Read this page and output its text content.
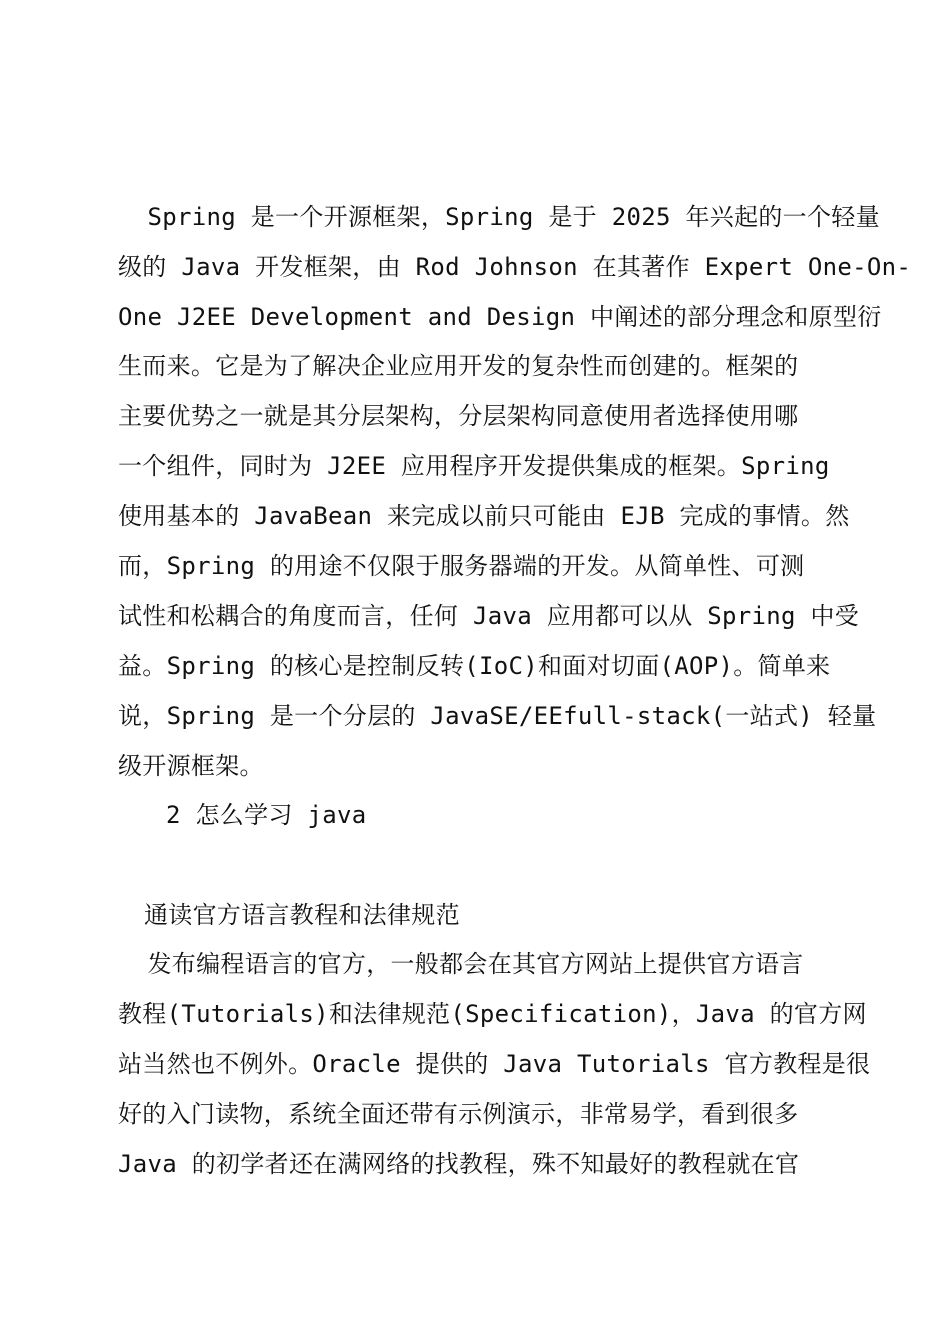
Spring 是一个开源框架，Spring 是于 2025 年兴起的一个轻量
级的 Java 开发框架，由 Rod Johnson 在其著作 Expert One-On-
One J2EE Development and Design 中阐述的部分理念和原型衍
生而来。它是为了解决企业应用开发的复杂性而创建的。框架的
主要优势之一就是其分层架构，分层架构同意使用者选择使用哪
一个组件，同时为 J2EE 应用程序开发提供集成的框架。Spring
使用基本的 JavaBean 来完成以前只可能由 EJB 完成的事情。然
而，Spring 的用途不仅限于服务器端的开发。从简单性、可测
试性和松耦合的角度而言，任何 Java 应用都可以从 Spring 中受
益。Spring 的核心是控制反转(IoC)和面对切面(AOP)。简单来
说，Spring 是一个分层的 JavaSE/EEfull-stack(一站式) 轻量
级开源框架。
2 怎么学习 java
通读官方语言教程和法律规范
发布编程语言的官方，一般都会在其官方网站上提供官方语言
教程(Tutorials)和法律规范(Specification)，Java 的官方网
站当然也不例外。Oracle 提供的 Java Tutorials 官方教程是很
好的入门读物，系统全面还带有示例演示，非常易学，看到很多
Java 的初学者还在满网络的找教程，殊不知最好的教程就在官
